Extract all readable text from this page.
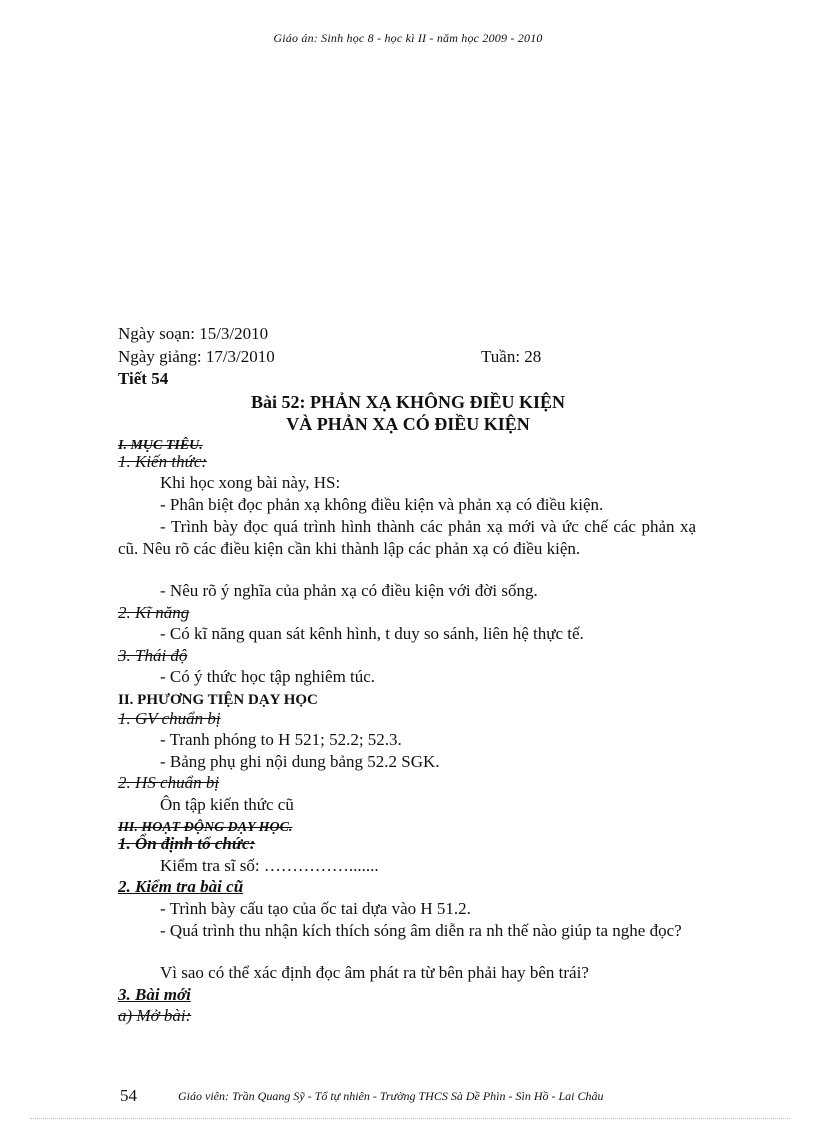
Giáo án: Sinh học 8 - học kì II - năm học 2009 - 2010
Ngày soạn: 15/3/2010
Ngày giảng: 17/3/2010	Tuần: 28
Tiết 54
Bài 52: PHẢN XẠ KHÔNG ĐIỀU KIỆN
VÀ PHẢN XẠ CÓ ĐIỀU KIỆN
I. MỤC TIÊU.
1. Kiến thức:
Khi học xong bài này, HS:
- Phân biệt đọc phản xạ không điều kiện và phản xạ có điều kiện.
- Trình bày đọc quá trình hình thành các phản xạ mới và ức chế các phản xạ cũ. Nêu rõ các điều kiện cần khi thành lập các phản xạ có điều kiện.
- Nêu rõ ý nghĩa của phản xạ có điều kiện với đời sống.
2. Kĩ năng
- Có kĩ năng quan sát kênh hình, t duy so sánh, liên hệ thực tế.
3. Thái độ
- Có ý thức học tập nghiêm túc.
II. PHƯƠNG TIỆN DẠY HỌC
1. GV chuẩn bị
- Tranh phóng to H 521; 52.2; 52.3.
- Bảng phụ ghi nội dung bảng 52.2 SGK.
2. HS chuẩn bị
Ôn tập kiến thức cũ
III. HOẠT ĐỘNG DẠY HỌC.
1. Ổn định tổ chức:
Kiểm tra sĩ số: …………….......
2. Kiểm tra bài cũ
- Trình bày cấu tạo của ốc tai dựa vào H 51.2.
- Quá trình thu nhận kích thích sóng âm diễn ra nh thế nào giúp ta nghe đọc?
Vì sao có thể xác định đọc âm phát ra từ bên phải hay bên trái?
3. Bài mới
a) Mở bài:
54	Giáo viên: Trần Quang Sỹ - Tổ tự nhiên - Trường THCS Sà Dề Phìn - Sìn Hồ - Lai Châu
